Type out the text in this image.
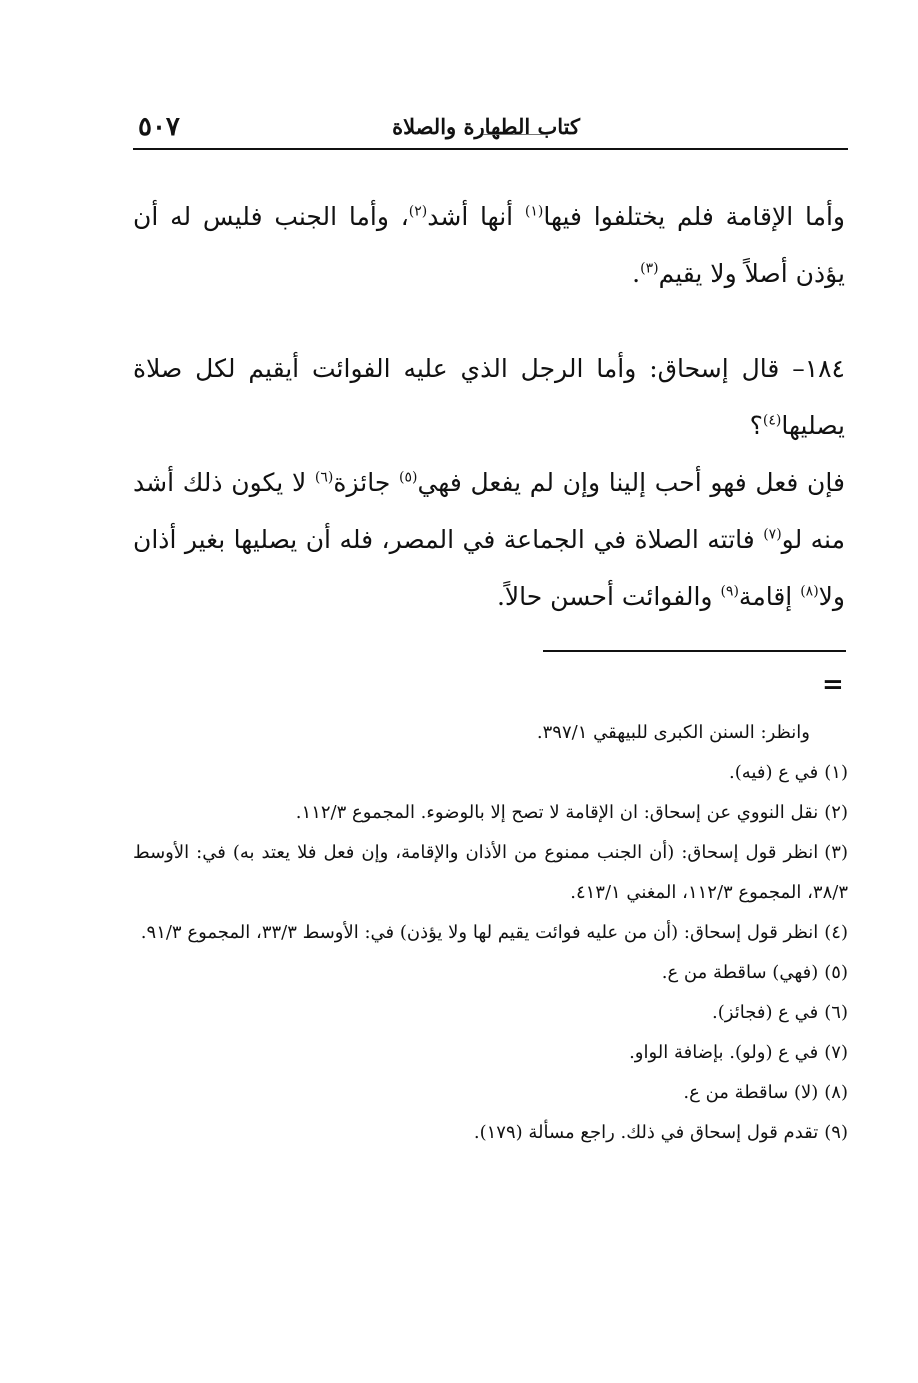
٥٠٧	كتاب الطهارة والصلاة

وأما الإقامة فلم يختلفوا فيها$^{(١)}$ أنها أشد$^{(٢)}$، وأما الجنب فليس له أن يؤذن أصلاً ولا يقيم$^{(٣)}$.

١٨٤– قال إسحاق: وأما الرجل الذي عليه الفوائت أيقيم لكل صلاة يصليها$^{(٤)}$؟

فإن فعل فهو أحب إلينا وإن لم يفعل فهي$^{(٥)}$ جائزة$^{(٦)}$ لا يكون ذلك أشد منه لو$^{(٧)}$ فاتته الصلاة في الجماعة في المصر، فله أن يصليها بغير أذان ولا$^{(٨)}$ إقامة$^{(٩)}$ والفوائت أحسن حالاً.

=

وانظر: السنن الكبرى للبيهقي ٣٩٧/١.

(١)في ع (فيه).

(٢)نقل النووي عن إسحاق: ان الإقامة لا تصح إلا بالوضوء. المجموع ١١٢/٣.

(٣)انظر قول إسحاق: (أن الجنب ممنوع من الأذان والإقامة، وإن فعل فلا يعتد به) في: الأوسط ٣٨/٣، المجموع ١١٢/٣، المغني ٤١٣/١.

(٤)انظر قول إسحاق: (أن من عليه فوائت يقيم لها ولا يؤذن) في: الأوسط ٣٣/٣، المجموع ٩١/٣.

(٥)(فهي) ساقطة من ع.

(٦)في ع (فجائز).

(٧)في ع (ولو). بإضافة الواو.

(٨)(لا) ساقطة من ع.

(٩)تقدم قول إسحاق في ذلك. راجع مسألة (١٧٩).
